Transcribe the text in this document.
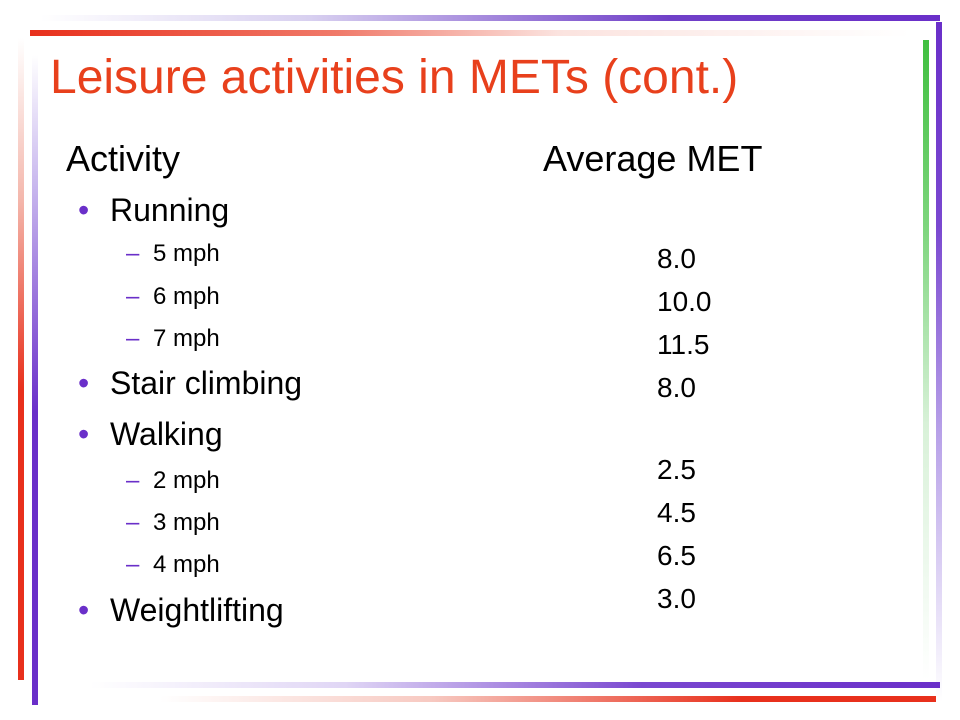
Leisure activities in METs (cont.)
Activity	Average MET
• Running
– 5 mph
– 6 mph
– 7 mph
• Stair climbing
• Walking
– 2 mph
– 3 mph
– 4 mph
• Weightlifting
8.0
10.0
11.5
8.0
2.5
4.5
6.5
3.0
